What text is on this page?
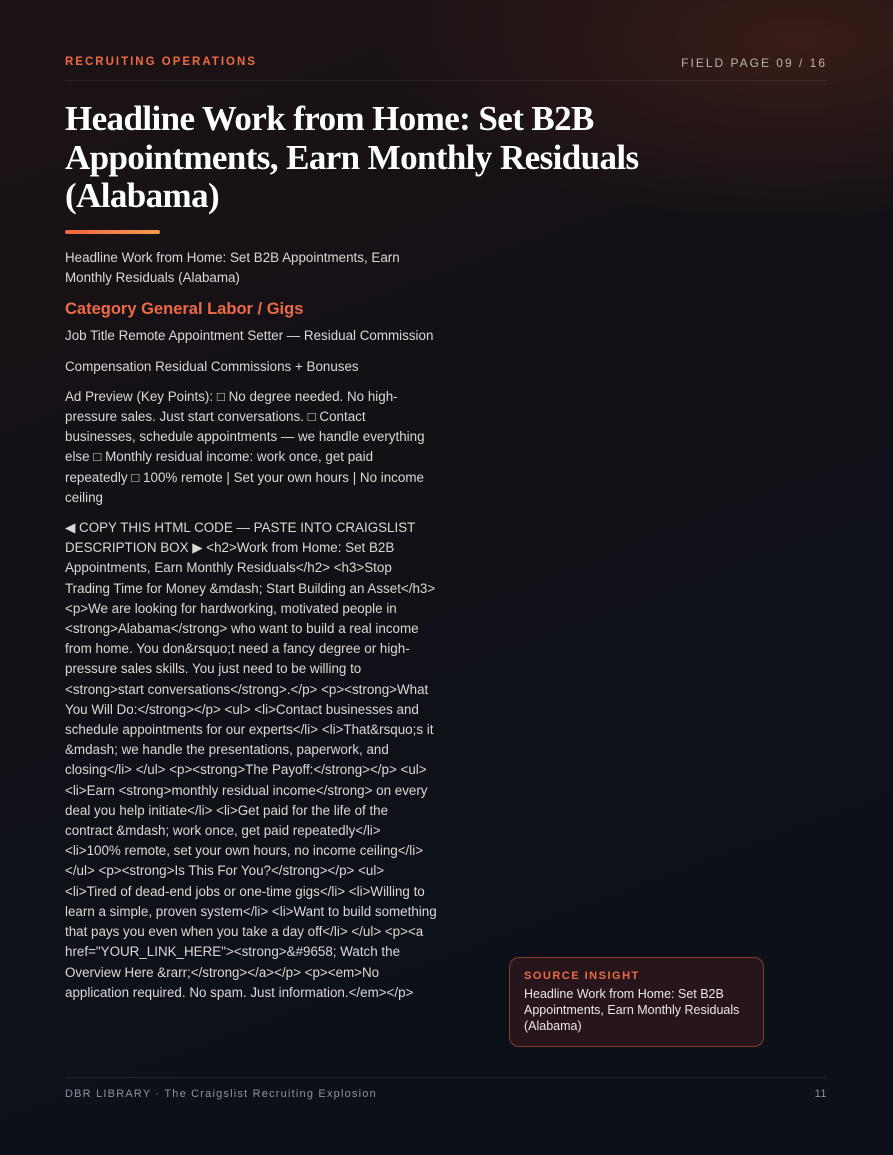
RECRUITING OPERATIONS	FIELD PAGE 09 / 16
Headline Work from Home: Set B2B Appointments, Earn Monthly Residuals (Alabama)

Headline Work from Home: Set B2B Appointments, Earn Monthly Residuals (Alabama)

Category General Labor / Gigs

Job Title Remote Appointment Setter — Residual Commission

Compensation Residual Commissions + Bonuses

Ad Preview (Key Points): □ No degree needed. No high-pressure sales. Just start conversations. □ Contact businesses, schedule appointments — we handle everything else □ Monthly residual income: work once, get paid repeatedly □ 100% remote | Set your own hours | No income ceiling

◀ COPY THIS HTML CODE — PASTE INTO CRAIGSLIST DESCRIPTION BOX ▶ <h2>Work from Home: Set B2B Appointments, Earn Monthly Residuals</h2> <h3>Stop Trading Time for Money &mdash; Start Building an Asset</h3> <p>We are looking for hardworking, motivated people in <strong>Alabama</strong> who want to build a real income from home. You don&rsquo;t need a fancy degree or high-pressure sales skills. You just need to be willing to <strong>start conversations</strong>.</p> <p><strong>What You Will Do:</strong></p> <ul> <li>Contact businesses and schedule appointments for our experts</li> <li>That&rsquo;s it &mdash; we handle the presentations, paperwork, and closing</li> </ul> <p><strong>The Payoff:</strong></p> <ul> <li>Earn <strong>monthly residual income</strong> on every deal you help initiate</li> <li>Get paid for the life of the contract &mdash; work once, get paid repeatedly</li> <li>100% remote, set your own hours, no income ceiling</li> </ul> <p><strong>Is This For You?</strong></p> <ul> <li>Tired of dead-end jobs or one-time gigs</li> <li>Willing to learn a simple, proven system</li> <li>Want to build something that pays you even when you take a day off</li> </ul> <p><a href="YOUR_LINK_HERE"><strong>&#9658; Watch the Overview Here &rarr;</strong></a></p> <p><em>No application required. No spam. Just information.</em></p>

SOURCE INSIGHT
Headline Work from Home: Set B2B Appointments, Earn Monthly Residuals (Alabama)
DBR LIBRARY · The Craigslist Recruiting Explosion	11
